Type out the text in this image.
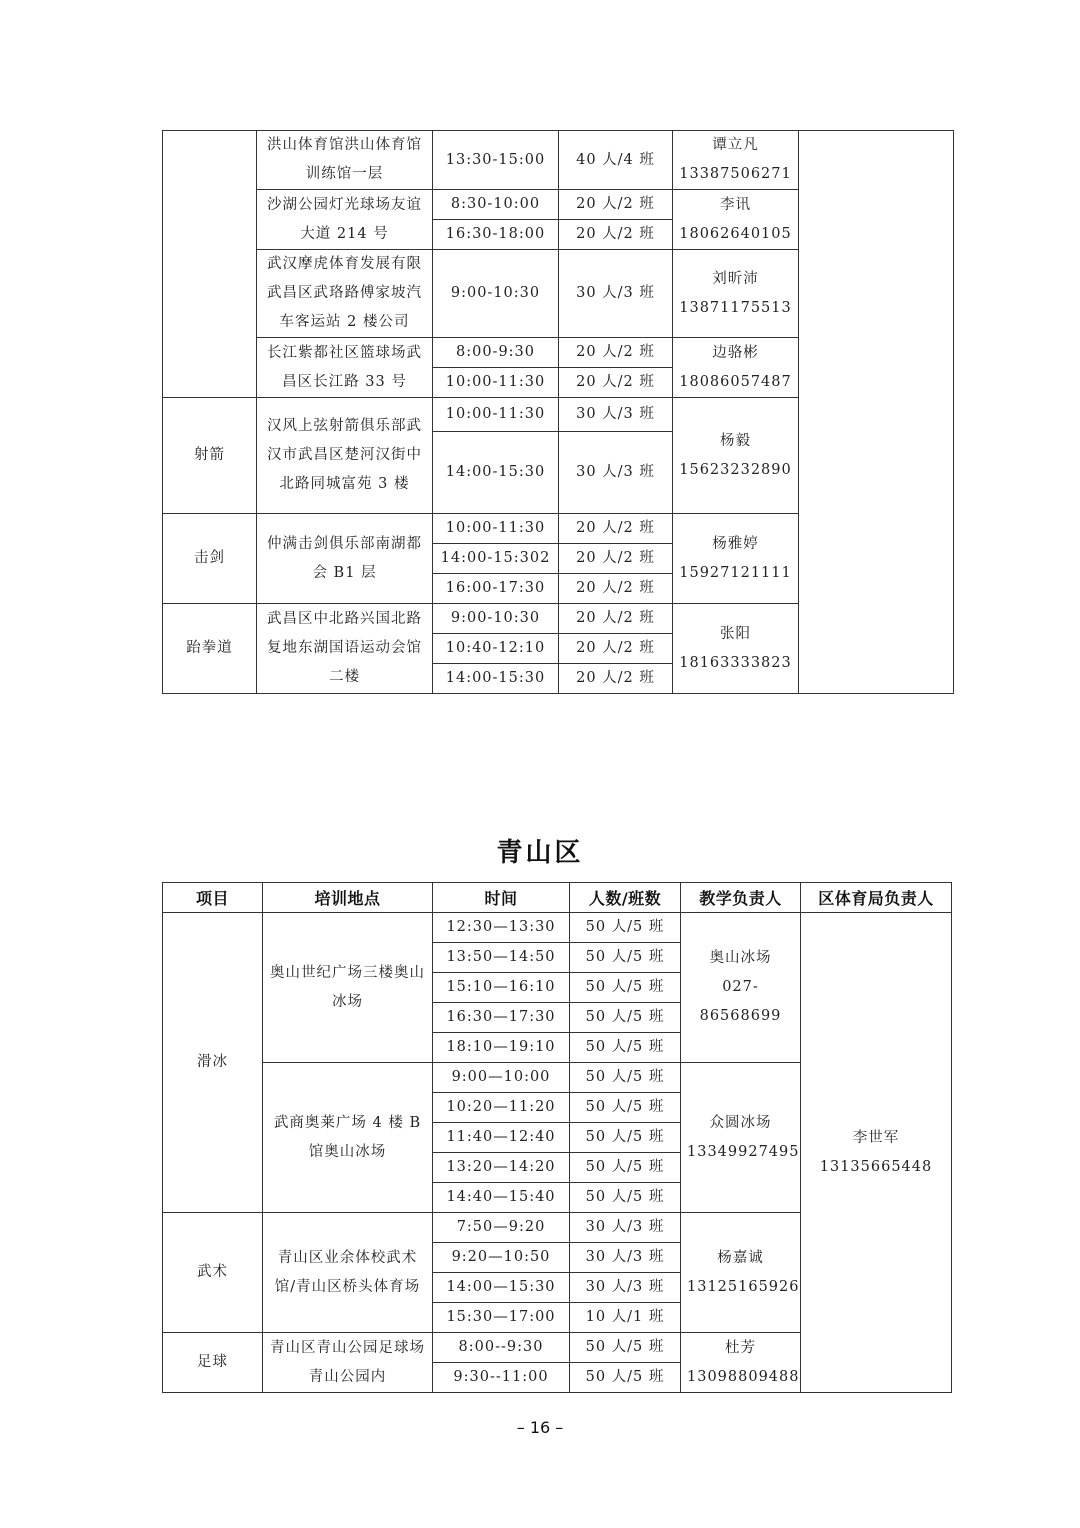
	洪山体育馆洪山体育馆训练馆一层	13:30-15:00	40 人/4 班	谭立凡
13387506271	

	沙湖公园灯光球场友谊大道 214 号	8:30-10:00	20 人/2 班	李讯
18062640105	
		16:30-18:00	20 人/2 班		
	武汉摩虎体育发展有限武昌区武珞路傅家坡汽车客运站 2 楼公司	9:00-10:30	30 人/3 班	刘昕沛
13871175513	

	长江紫都社区篮球场武昌区长江路 33 号	8:00-9:30	20 人/2 班	边骆彬
18086057487	
		10:00-11:30	20 人/2 班		
射箭	汉风上弦射箭俱乐部武汉市武昌区楚河汉街中北路同城富苑 3 楼	10:00-11:30	30 人/3 班	杨毅
15623232890	
		14:00-15:30	30 人/3 班		
击剑	仲满击剑俱乐部南湖都会 B1 层	10:00-11:30	20 人/2 班	杨雅婷
15927121111	
		14:00-15:302	20 人/2 班		
		16:00-17:30	20 人/2 班		
跆拳道	武昌区中北路兴国北路复地东湖国语运动会馆二楼	9:00-10:30	20 人/2 班	张阳
18163333823	
		10:40-12:10	20 人/2 班		
		14:00-15:30	20 人/2 班		
青山区
项目	培训地点	时间	人数/班数	教学负责人	区体育局负责人
滑冰	奥山世纪广场三楼奥山冰场	12:30—13:30	50 人/5 班	奥山冰场
027-86568699	李世军
13135665448
		13:50—14:50	50 人/5 班		
		15:10—16:10	50 人/5 班		
		16:30—17:30	50 人/5 班		
		18:10—19:10	50 人/5 班		
	武商奥莱广场 4 楼 B 馆奥山冰场	9:00—10:00	50 人/5 班	众圆冰场
13349927495	
		10:20—11:20	50 人/5 班		
		11:40—12:40	50 人/5 班		
		13:20—14:20	50 人/5 班		
		14:40—15:40	50 人/5 班		
武术	青山区业余体校武术馆/青山区桥头体育场	7:50—9:20	30 人/3 班	杨嘉诚
13125165926	
		9:20—10:50	30 人/3 班		
		14:00—15:30	30 人/3 班		
		15:30—17:00	10 人/1 班		
足球	青山区青山公园足球场青山公园内	8:00--9:30	50 人/5 班	杜芳
13098809488	
		9:30--11:00	50 人/5 班		
– 16 –
